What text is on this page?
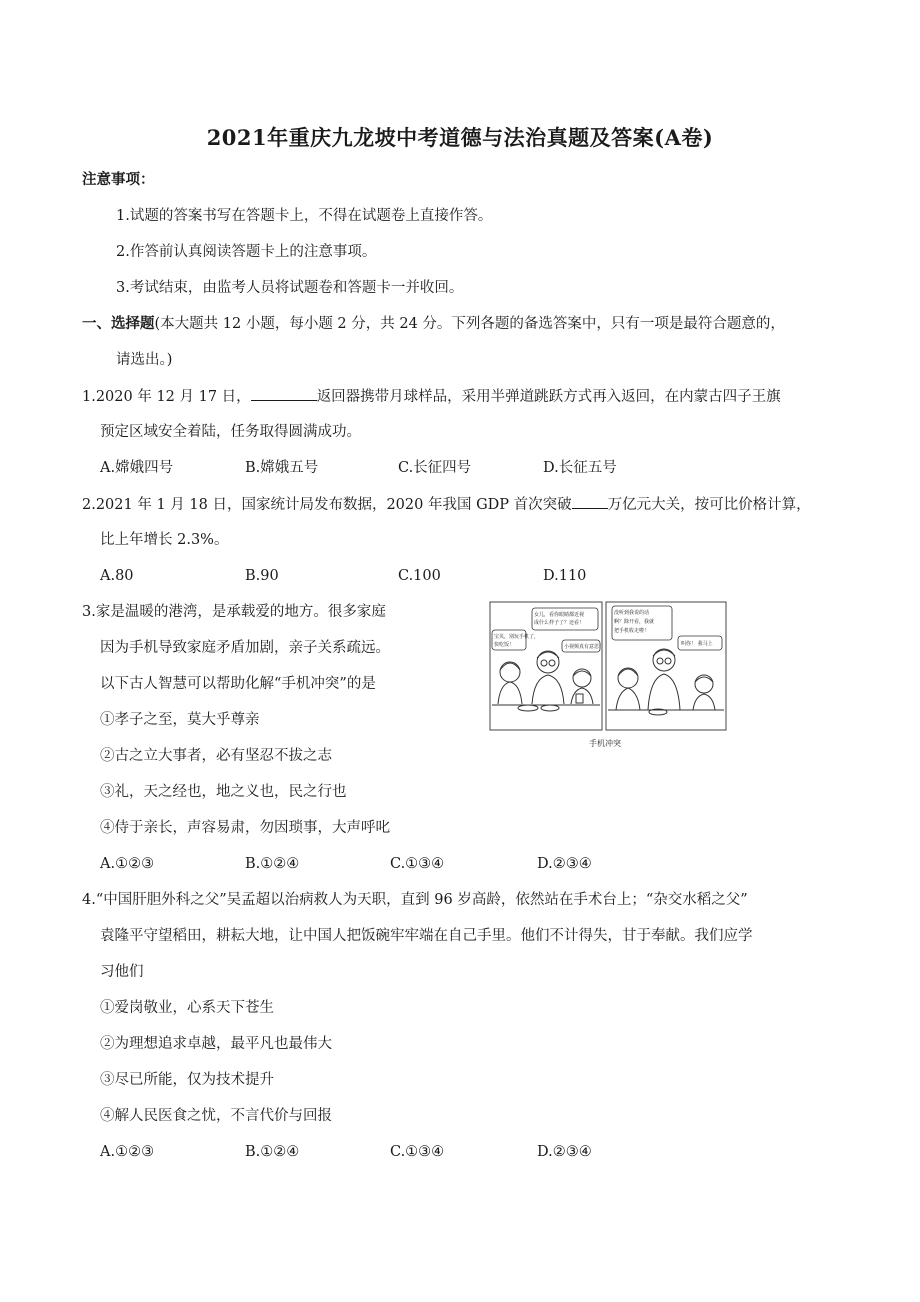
2021年重庆九龙坡中考道德与法治真题及答案(A卷)
注意事项：
1.试题的答案书写在答题卡上，不得在试题卷上直接作答。
2.作答前认真阅读答题卡上的注意事项。
3.考试结束，由监考人员将试题卷和答题卡一并收回。
一、选择题(本大题共 12 小题，每小题 2 分，共 24 分。下列各题的备选答案中，只有一项是最符合题意的，
请选出。)
1.2020 年 12 月 17 日，	返回器携带月球样品，采用半弹道跳跃方式再入返回，在内蒙古四子王旗
预定区域安全着陆，任务取得圆满成功。
A.嫦娥四号	B.嫦娥五号	C.长征四号	D.长征五号
2.2021 年 1 月 18 日，国家统计局发布数据，2020 年我国 GDP 首次突破 万亿元大关，按可比价格计算，
比上年增长 2.3%。
A.80	B.90	C.100	D.110
3.家是温暖的港湾，是承载爱的地方。很多家庭
因为手机导致家庭矛盾加剧，亲子关系疏远。
以下古人智慧可以帮助化解“手机冲突”的是
①孝子之至，莫大乎尊亲
②古之立大事者，必有坚忍不拔之志
③礼，天之经也，地之义也，民之行也
④侍于亲长，声容易肃，勿因琐事，大声呼叱
A.①②③	B.①②④	C.①③④	D.②③④
宝贝，别玩手机了，
快吃饭！
女儿，看你眼睛都近视
成什么样子了？还看！
小视频真有意思！
没听到我说的话
啊？除开看，我就
把手机收走啦！
叫你！ 我马上
手机冲突
4.“中国肝胆外科之父”吴孟超以治病救人为天职，直到 96 岁高龄，依然站在手术台上；“杂交水稻之父”
袁隆平守望稻田，耕耘大地，让中国人把饭碗牢牢端在自己手里。他们不计得失，甘于奉献。我们应学
习他们
①爱岗敬业，心系天下苍生
②为理想追求卓越，最平凡也最伟大
③尽已所能，仅为技术提升
④解人民医食之忧，不言代价与回报
A.①②③	B.①②④	C.①③④	D.②③④
